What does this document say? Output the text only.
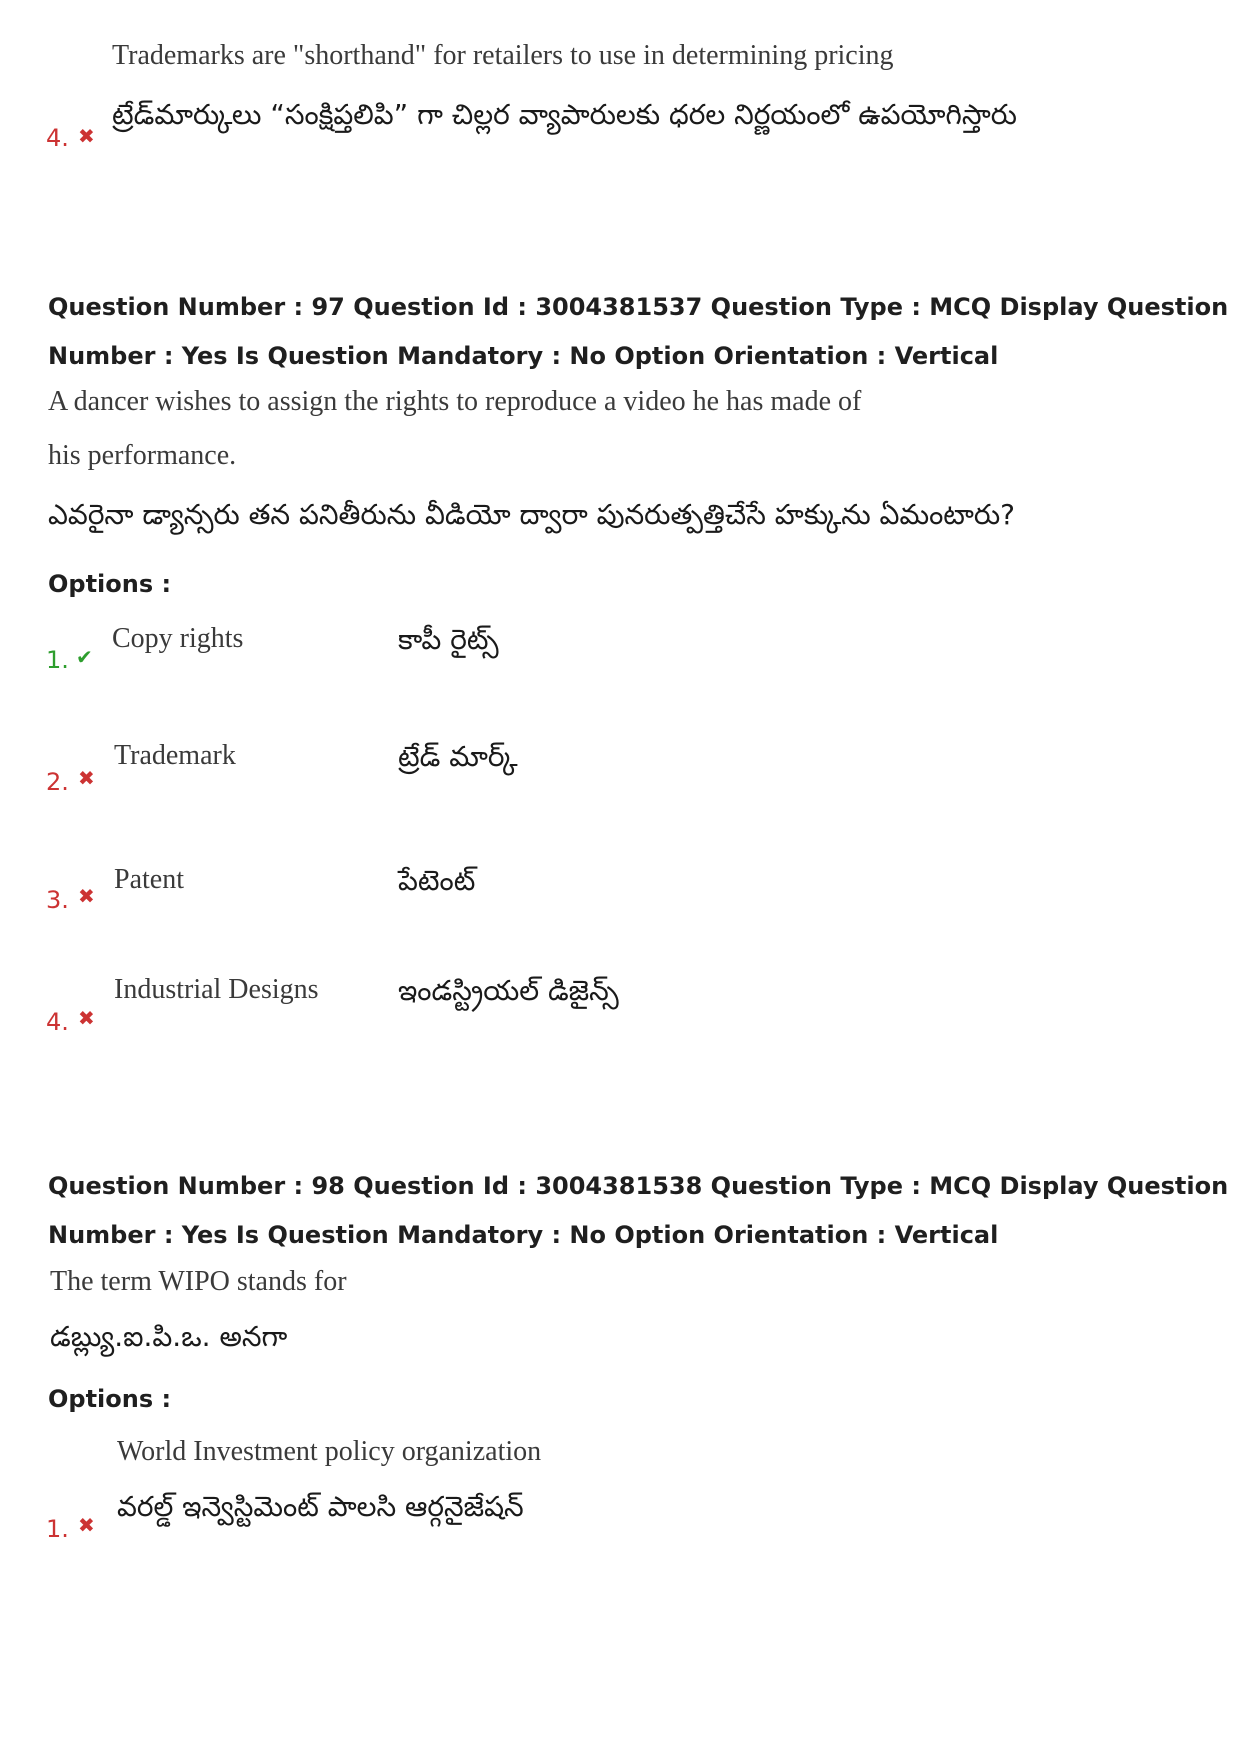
Trademarks are "shorthand" for retailers to use in determining pricing
ట్రేడ్‌మార్కులు “సంక్షిప్తలిపి” గా చిల్లర వ్యాపారులకు ధరల నిర్ణయంలో ఉపయోగిస్తారు
4. ✖
Question Number : 97 Question Id : 3004381537 Question Type : MCQ Display Question
Number : Yes Is Question Mandatory : No Option Orientation : Vertical
A dancer wishes to assign the rights to reproduce a video he has made of
his performance.
ఎవరైనా డ్యాన్సరు తన పనితీరును వీడియో ద్వారా పునరుత్పత్తిచేసే హక్కును ఏమంటారు?
Options :
1. ✔
Copy rights	కాపీ రైట్స్
2. ✖
Trademark	ట్రేడ్ మార్క్
3. ✖
Patent	పేటెంట్
4. ✖
Industrial Designs	ఇండస్ట్రియల్ డిజైన్స్
Question Number : 98 Question Id : 3004381538 Question Type : MCQ Display Question
Number : Yes Is Question Mandatory : No Option Orientation : Vertical
The term WIPO stands for
డబ్ల్యు.ఐ.పి.ఒ. అనగా
Options :
World Investment policy organization
వరల్డ్ ఇన్వెస్టిమెంట్ పాలసి ఆర్గనైజేషన్
1. ✖
